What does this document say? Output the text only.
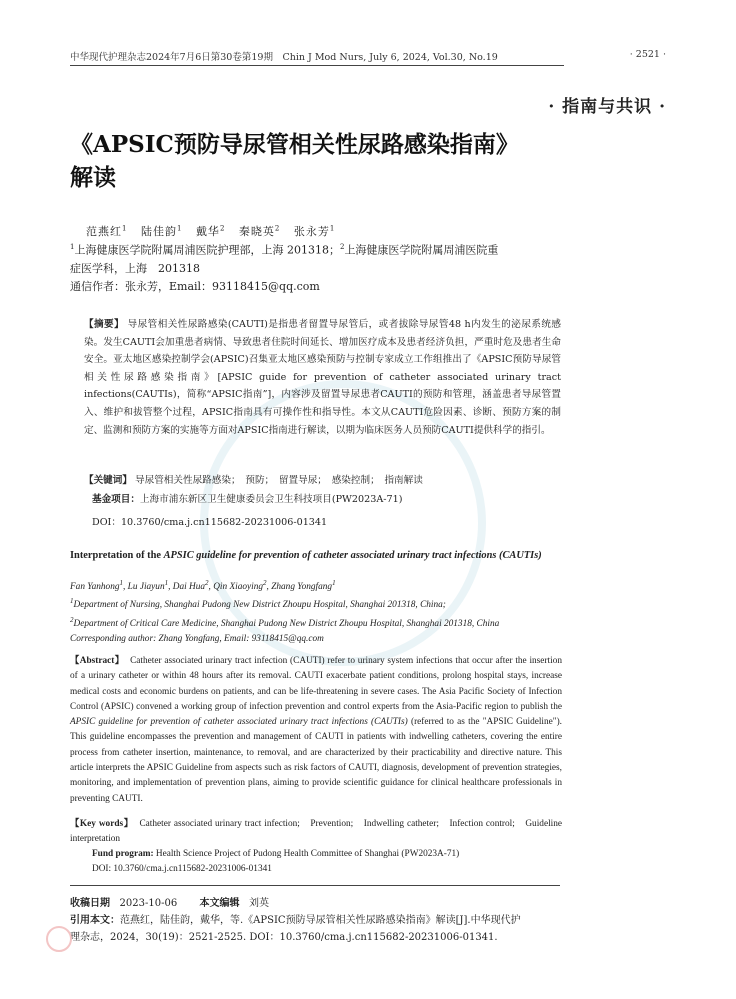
中华现代护理杂志2024年7月6日第30卷第19期　Chin J Mod Nurs, July 6, 2024, Vol.30, No.19	· 2521 ·
· 指南与共识 ·
《APSIC预防导尿管相关性尿路感染指南》
解读
范燕红$^1$ 陆佳韵$^1$ 戴华$^2$ 秦晓英$^2$ 张永芳$^1$
$^1$上海健康医学院附属周浦医院护理部，上海 201318；$^2$上海健康医学院附属周浦医院重
症医学科，上海　201318
通信作者：张永芳，Email：93118415@qq.com
【摘要】 导尿管相关性尿路感染(CAUTI)是指患者留置导尿管后，或者拔除导尿管48 h内发生的泌尿系统感染。发生CAUTI会加重患者病情、导致患者住院时间延长、增加医疗成本及患者经济负担，严重时危及患者生命安全。亚太地区感染控制学会(APSIC)召集亚太地区感染预防与控制专家成立工作组推出了《APSIC预防导尿管相关性尿路感染指南》[APSIC guide for prevention of catheter associated urinary tract infections(CAUTIs)，简称“APSIC指南”]，内容涉及留置导尿患者CAUTI的预防和管理，涵盖患者导尿管置入、维护和拔管整个过程，APSIC指南具有可操作性和指导性。本文从CAUTI危险因素、诊断、预防方案的制定、监测和预防方案的实施等方面对APSIC指南进行解读，以期为临床医务人员预防CAUTI提供科学的指引。
【关键词】 导尿管相关性尿路感染；　预防；　留置导尿；　感染控制；　指南解读
基金项目：上海市浦东新区卫生健康委员会卫生科技项目(PW2023A-71)
DOI：10.3760/cma.j.cn115682-20231006-01341
Interpretation of the APSIC guideline for prevention of catheter associated urinary tract infections (CAUTIs)
Fan Yanhong$^1$, Lu Jiayun$^1$, Dai Hua$^2$, Qin Xiaoying$^2$, Zhang Yongfang$^1$
$^1$Department of Nursing, Shanghai Pudong New District Zhoupu Hospital, Shanghai 201318, China;
$^2$Department of Critical Care Medicine, Shanghai Pudong New District Zhoupu Hospital, Shanghai 201318, China
Corresponding author: Zhang Yongfang, Email: 93118415@qq.com
【Abstract】 Catheter associated urinary tract infection (CAUTI) refer to urinary system infections that occur after the insertion of a urinary catheter or within 48 hours after its removal. CAUTI exacerbate patient conditions, prolong hospital stays, increase medical costs and economic burdens on patients, and can be life-threatening in severe cases. The Asia Pacific Society of Infection Control (APSIC) convened a working group of infection prevention and control experts from the Asia-Pacific region to publish the APSIC guideline for prevention of catheter associated urinary tract infections (CAUTIs) (referred to as the "APSIC Guideline"). This guideline encompasses the prevention and management of CAUTI in patients with indwelling catheters, covering the entire process from catheter insertion, maintenance, to removal, and are characterized by their practicability and directive nature. This article interprets the APSIC Guideline from aspects such as risk factors of CAUTI, diagnosis, development of prevention strategies, monitoring, and implementation of prevention plans, aiming to provide scientific guidance for clinical healthcare professionals in preventing CAUTI.
【Key words】 Catheter associated urinary tract infection;　Prevention;　Indwelling catheter;　Infection control;　Guideline interpretation
Fund program: Health Science Project of Pudong Health Committee of Shanghai (PW2023A-71)
DOI: 10.3760/cma.j.cn115682-20231006-01341
收稿日期 2023-10-06 本文编辑 刘英
引用本文：范燕红，陆佳韵，戴华，等.《APSIC预防导尿管相关性尿路感染指南》解读[J].中华现代护
理杂志，2024，30(19)：2521-2525. DOI：10.3760/cma.j.cn115682-20231006-01341.
